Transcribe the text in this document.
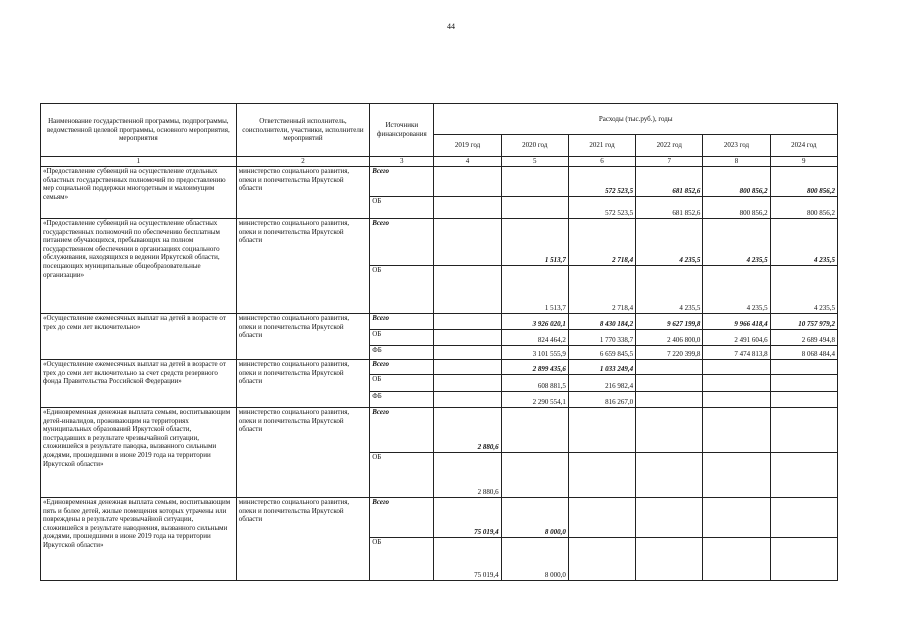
44
Наименование государственной программы, подпрограммы, ведомственной целевой программы, основного мероприятия, мероприятия	Ответственный исполнитель, соисполнители, участники, исполнители мероприятий	Источники финансирования	Расходы (тыс.руб.), годы					
			2019 год	2020 год	2021 год	2022 год	2023 год	2024 год
1	2	3	4	5	6	7	8	9
«Предоставление субвенций на осуществление отдельных областных государственных полномочий по предоставлению мер социальной поддержки многодетным и малоимущим семьям»	министерство социального развития, опеки и попечительства Иркутской области	Всего			572 523,5	681 852,6	800 856,2	800 856,2
		ОБ			572 523,5	681 852,6	800 856,2	800 856,2
«Предоставление субвенций на осуществление областных государственных полномочий по обеспечению бесплатным питанием обучающихся, пребывающих на полном государственном обеспечении в организациях социального обслуживания, находящихся в ведении Иркутской области, посещающих муниципальные общеобразовательные организации»	министерство социального развития, опеки и попечительства Иркутской области	Всего		1 513,7	2 718,4	4 235,5	4 235,5	4 235,5
		ОБ		1 513,7	2 718,4	4 235,5	4 235,5	4 235,5
«Осуществление ежемесячных выплат на детей в возрасте от трех до семи лет включительно»	министерство социального развития, опеки и попечительства Иркутской области	Всего		3 926 020,1	8 430 184,2	9 627 199,8	9 966 418,4	10 757 979,2
		ОБ		824 464,2	1 770 338,7	2 406 800,0	2 491 604,6	2 689 494,8
		ФБ		3 101 555,9	6 659 845,5	7 220 399,8	7 474 813,8	8 068 484,4
«Осуществление ежемесячных выплат на детей в возрасте от трех до семи лет включительно за счет средств резервного фонда Правительства Российской Федерации»	министерство социального развития, опеки и попечительства Иркутской области	Всего		2 899 435,6	1 033 249,4			
		ОБ		608 881,5	216 982,4			
		ФБ		2 290 554,1	816 267,0			
«Единовременная денежная выплата семьям, воспитывающим детей-инвалидов, проживающим на территориях муниципальных образований Иркутской области, пострадавших в результате чрезвычайной ситуации, сложившейся в результате паводка, вызванного сильными дождями, прошедшими в июне 2019 года на территории Иркутской области»	министерство социального развития, опеки и попечительства Иркутской области	Всего	2 880,6					
		ОБ	2 880,6					
«Единовременная денежная выплата семьям, воспитывающим пять и более детей, жилые помещения которых утрачены или повреждены в результате чрезвычайной ситуации, сложившейся в результате наводнения, вызванного сильными дождями, прошедшими в июне 2019 года на территории Иркутской области»	министерство социального развития, опеки и попечительства Иркутской области	Всего	75 019,4	8 000,0				
		ОБ	75 019,4	8 000,0				
